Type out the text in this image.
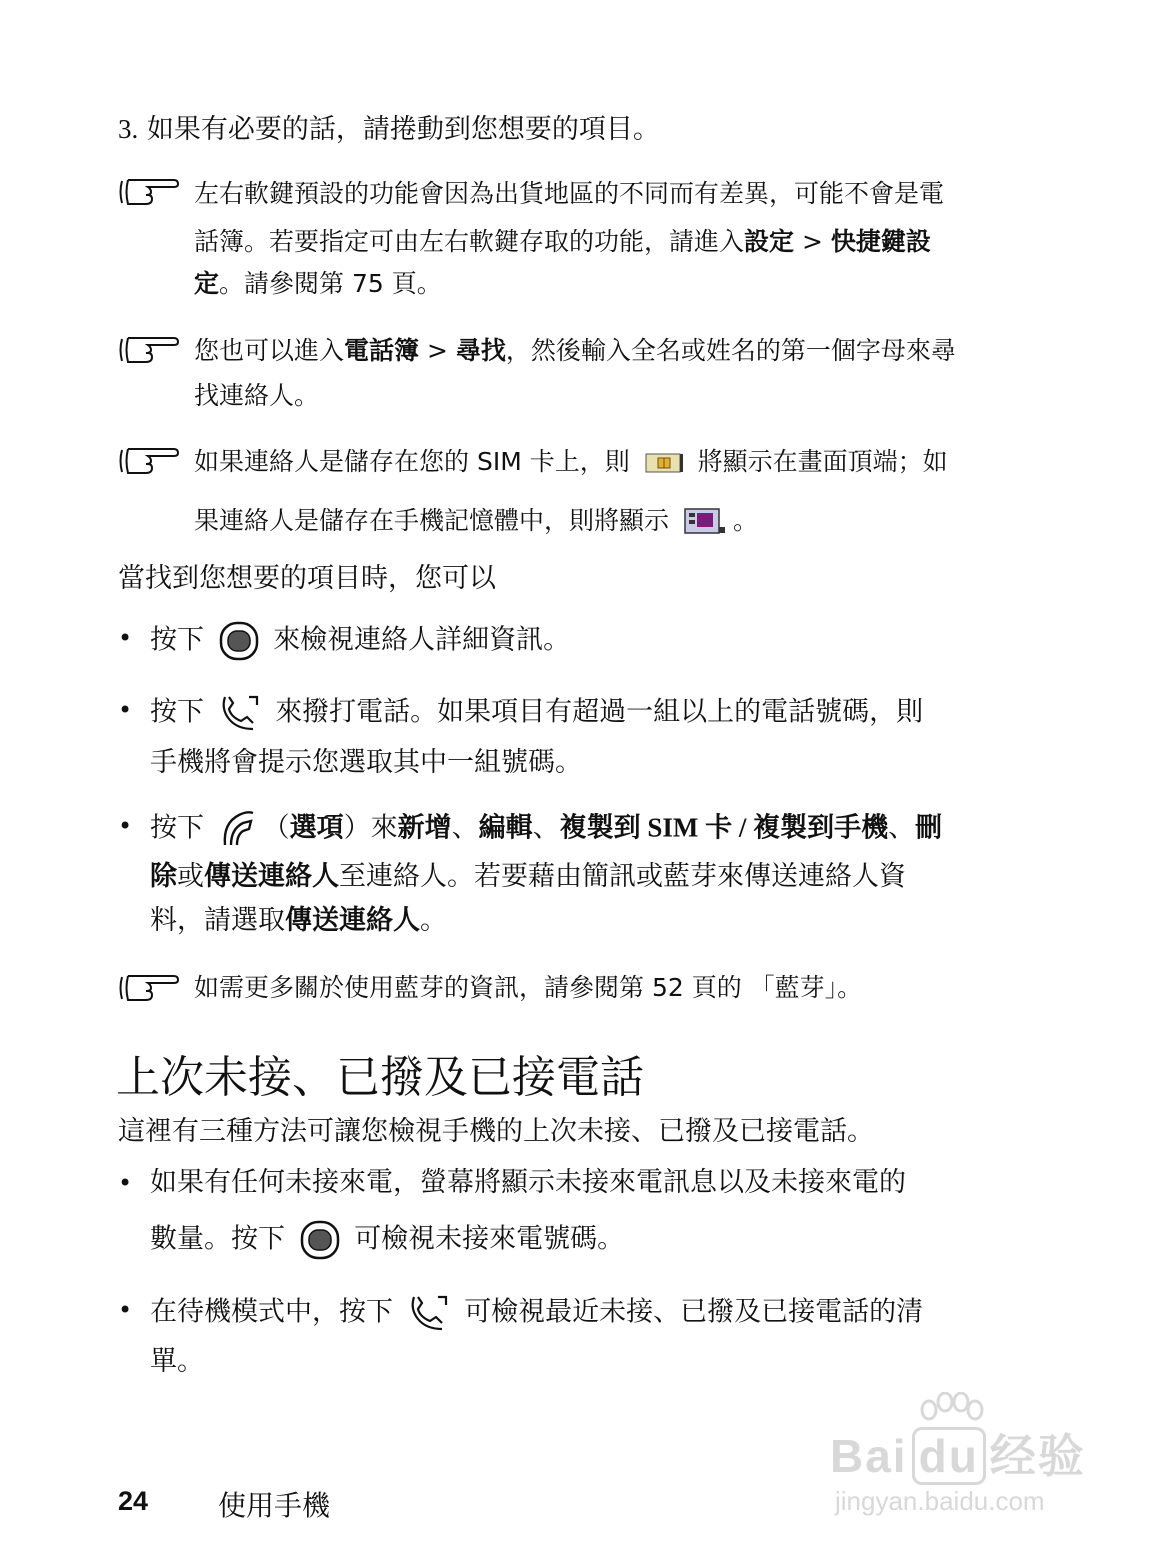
3. 如果有必要的話，請捲動到您想要的項目。
左右軟鍵預設的功能會因為出貨地區的不同而有差異，可能不會是電
話簿。若要指定可由左右軟鍵存取的功能，請進入設定 > 快捷鍵設
定。請參閱第 75 頁。
您也可以進入電話簿 > 尋找，然後輸入全名或姓名的第一個字母來尋
找連絡人。
如果連絡人是儲存在您的 SIM 卡上，則	將顯示在畫面頂端；如
果連絡人是儲存在手機記憶體中，則將顯示	。
當找到您想要的項目時，您可以
• 按下	來檢視連絡人詳細資訊。
• 按下	來撥打電話。如果項目有超過一組以上的電話號碼，則
手機將會提示您選取其中一組號碼。
• 按下 （選項）來新增、編輯、複製到 SIM 卡 / 複製到手機、刪
除或傳送連絡人至連絡人。若要藉由簡訊或藍芽來傳送連絡人資
料，請選取傳送連絡人。
如需更多關於使用藍芽的資訊，請參閱第 52 頁的 「藍芽」。
上次未接、已撥及已接電話
這裡有三種方法可讓您檢視手機的上次未接、已撥及已接電話。
• 如果有任何未接來電，螢幕將顯示未接來電訊息以及未接來電的
數量。按下	可檢視未接來電號碼。
• 在待機模式中，按下	可檢視最近未接、已撥及已接電話的清
單。
Bai du 经验
jingyan.baidu.com
24 使用手機
